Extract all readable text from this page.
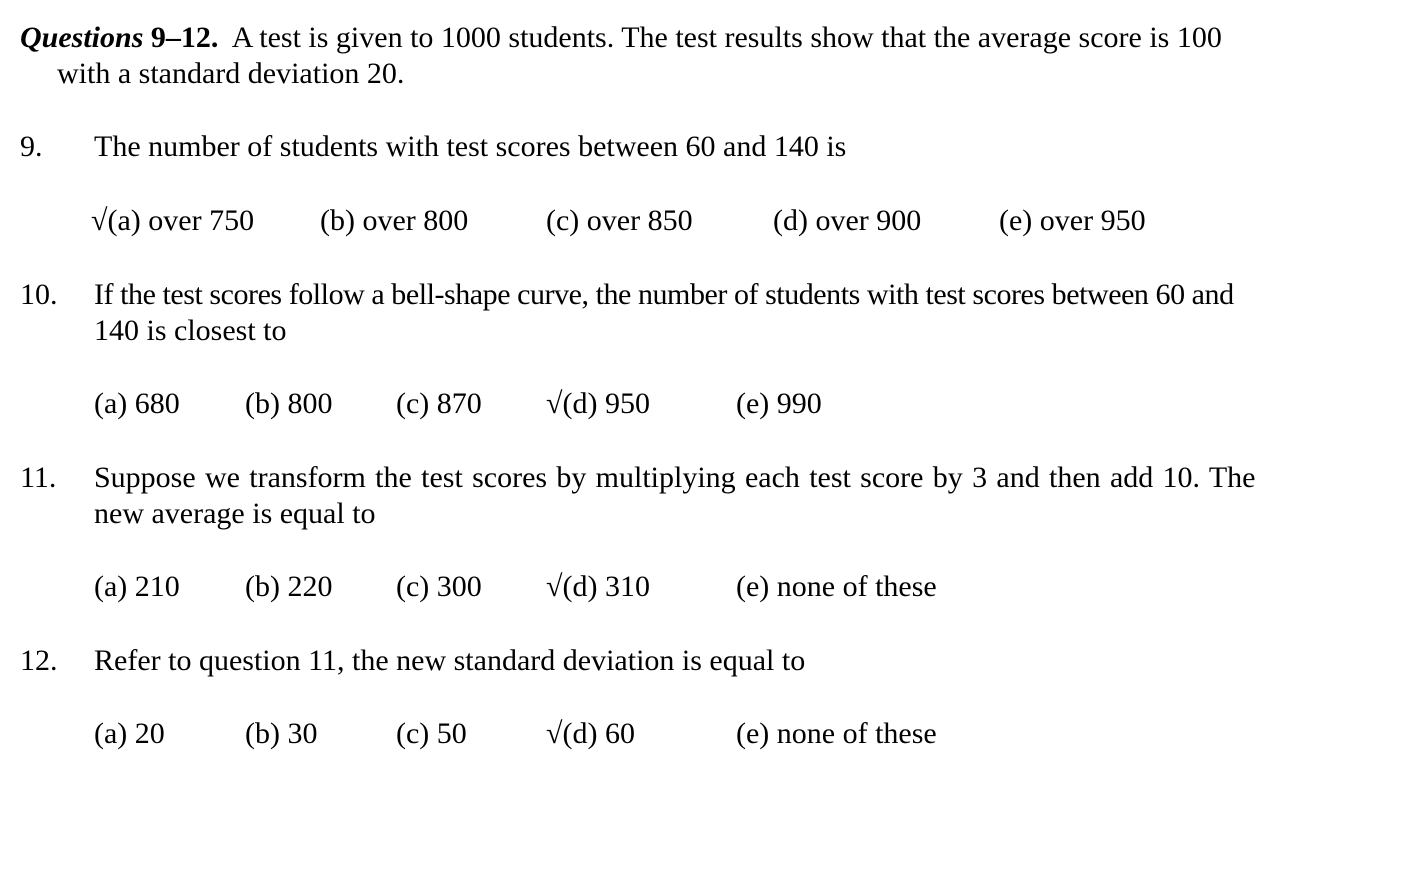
Questions 9–12. A test is given to 1000 students. The test results show that the average score is 100
with a standard deviation 20.
9. The number of students with test scores between 60 and 140 is
√(a) over 750 (b) over 800	(c) over 850	(d) over 900	(e) over 950
10. If the test scores follow a bell-shape curve, the number of students with test scores between 60 and
140 is closest to
(a) 680 (b) 800 (c) 870 √(d) 950	(e) 990
11. Suppose we transform the test scores by multiplying each test score by 3 and then add 10. The
new average is equal to
(a) 210 (b) 220 (c) 300 √(d) 310	(e) none of these
12. Refer to question 11, the new standard deviation is equal to
(a) 20	(b) 30	(c) 50	√(d) 60	(e) none of these
